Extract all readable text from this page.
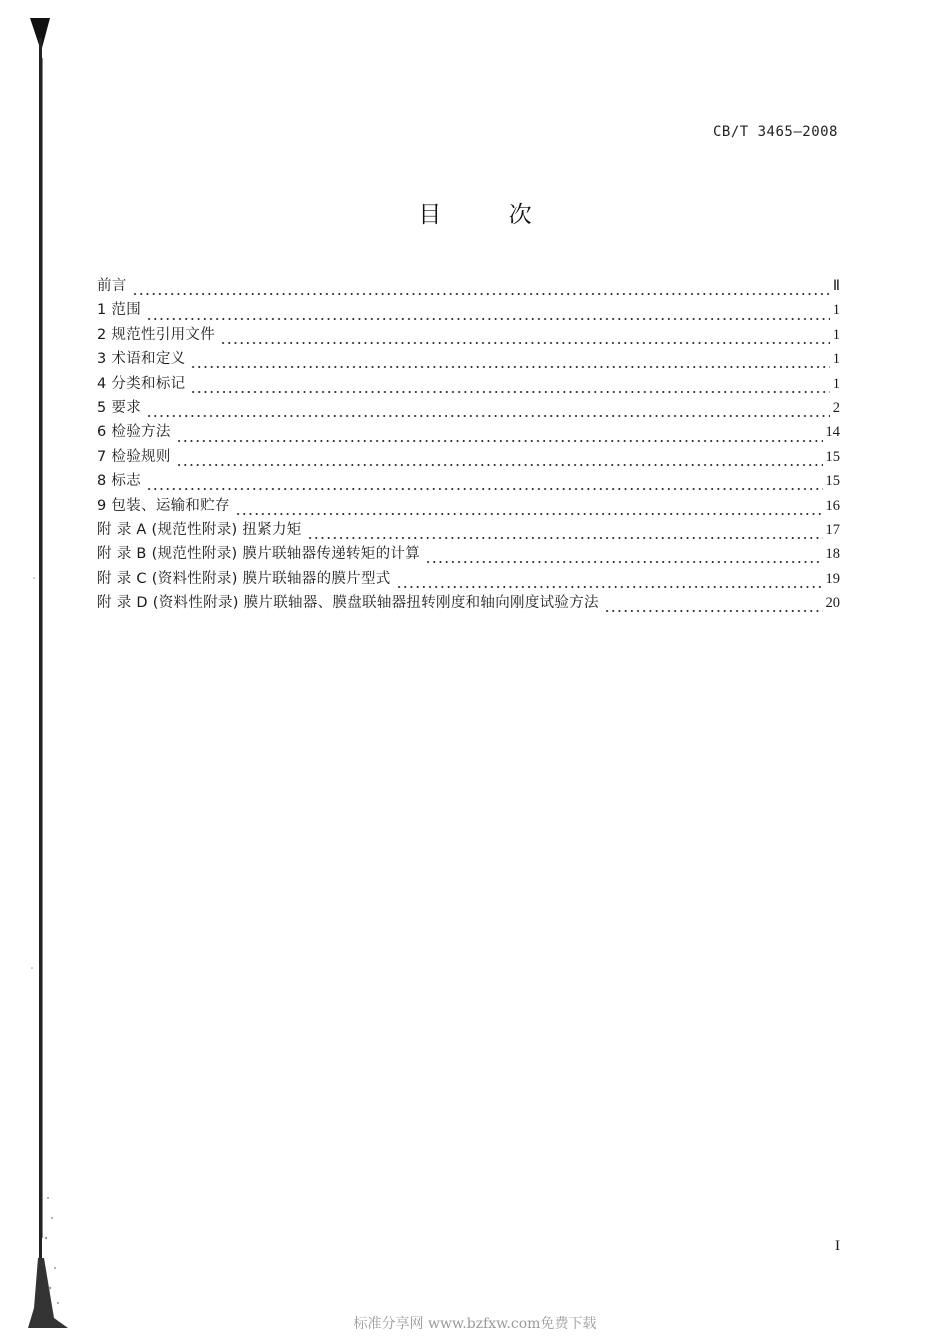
CB/T 3465—2008
目 次
前言	Ⅱ
1 范围	1
2 规范性引用文件	1
3 术语和定义	1
4 分类和标记	1
5 要求	2
6 检验方法	14
7 检验规则	15
8 标志	15
9 包装、运输和贮存	16
附 录 A (规范性附录) 扭紧力矩	17
附 录 B (规范性附录) 膜片联轴器传递转矩的计算	18
附 录 C (资料性附录) 膜片联轴器的膜片型式	19
附 录 D (资料性附录) 膜片联轴器、膜盘联轴器扭转刚度和轴向刚度试验方法	20
I
标准分享网 www.bzfxw.com免费下载
